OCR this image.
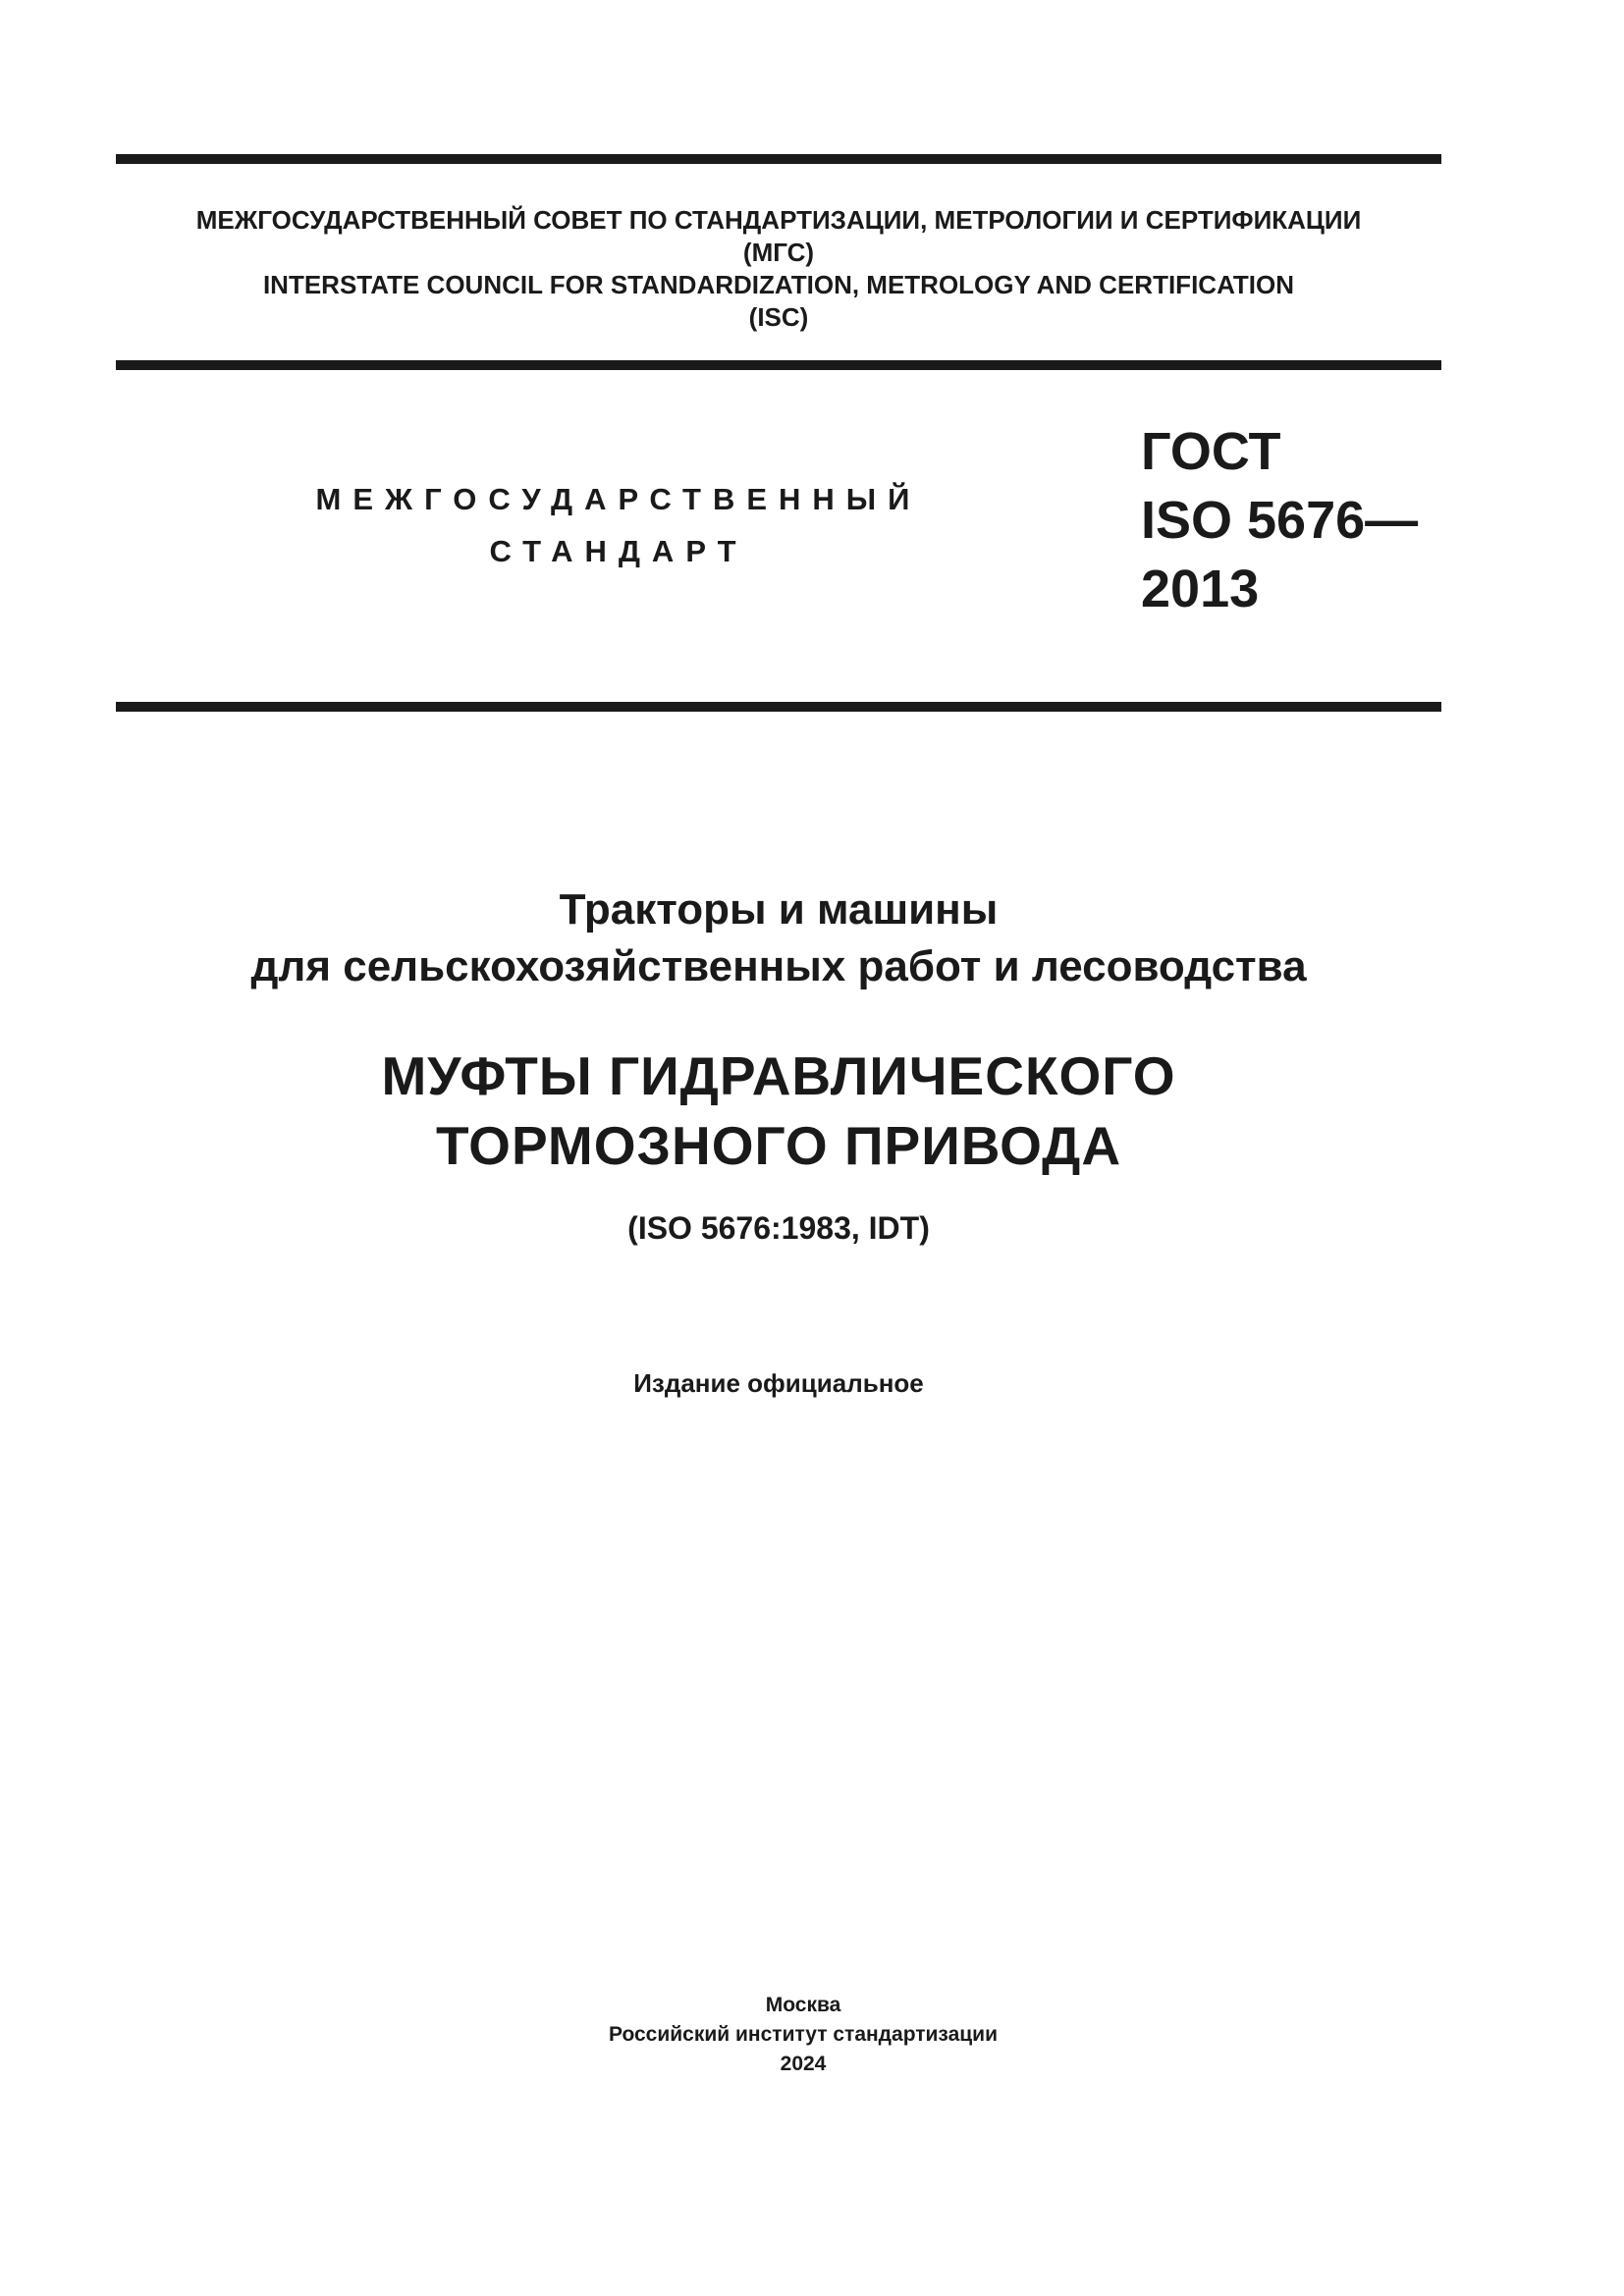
МЕЖГОСУДАРСТВЕННЫЙ СОВЕТ ПО СТАНДАРТИЗАЦИИ, МЕТРОЛОГИИ И СЕРТИФИКАЦИИ
(МГС)
INTERSTATE COUNCIL FOR STANDARDIZATION, METROLOGY AND CERTIFICATION
(ISC)
МЕЖГОСУДАРСТВЕННЫЙ
СТАНДАРТ
ГОСТ
ISO 5676—
2013
Тракторы и машины
для сельскохозяйственных работ и лесоводства
МУФТЫ ГИДРАВЛИЧЕСКОГО
ТОРМОЗНОГО ПРИВОДА
(ISO 5676:1983, IDT)
Издание официальное
Москва
Российский институт стандартизации
2024
